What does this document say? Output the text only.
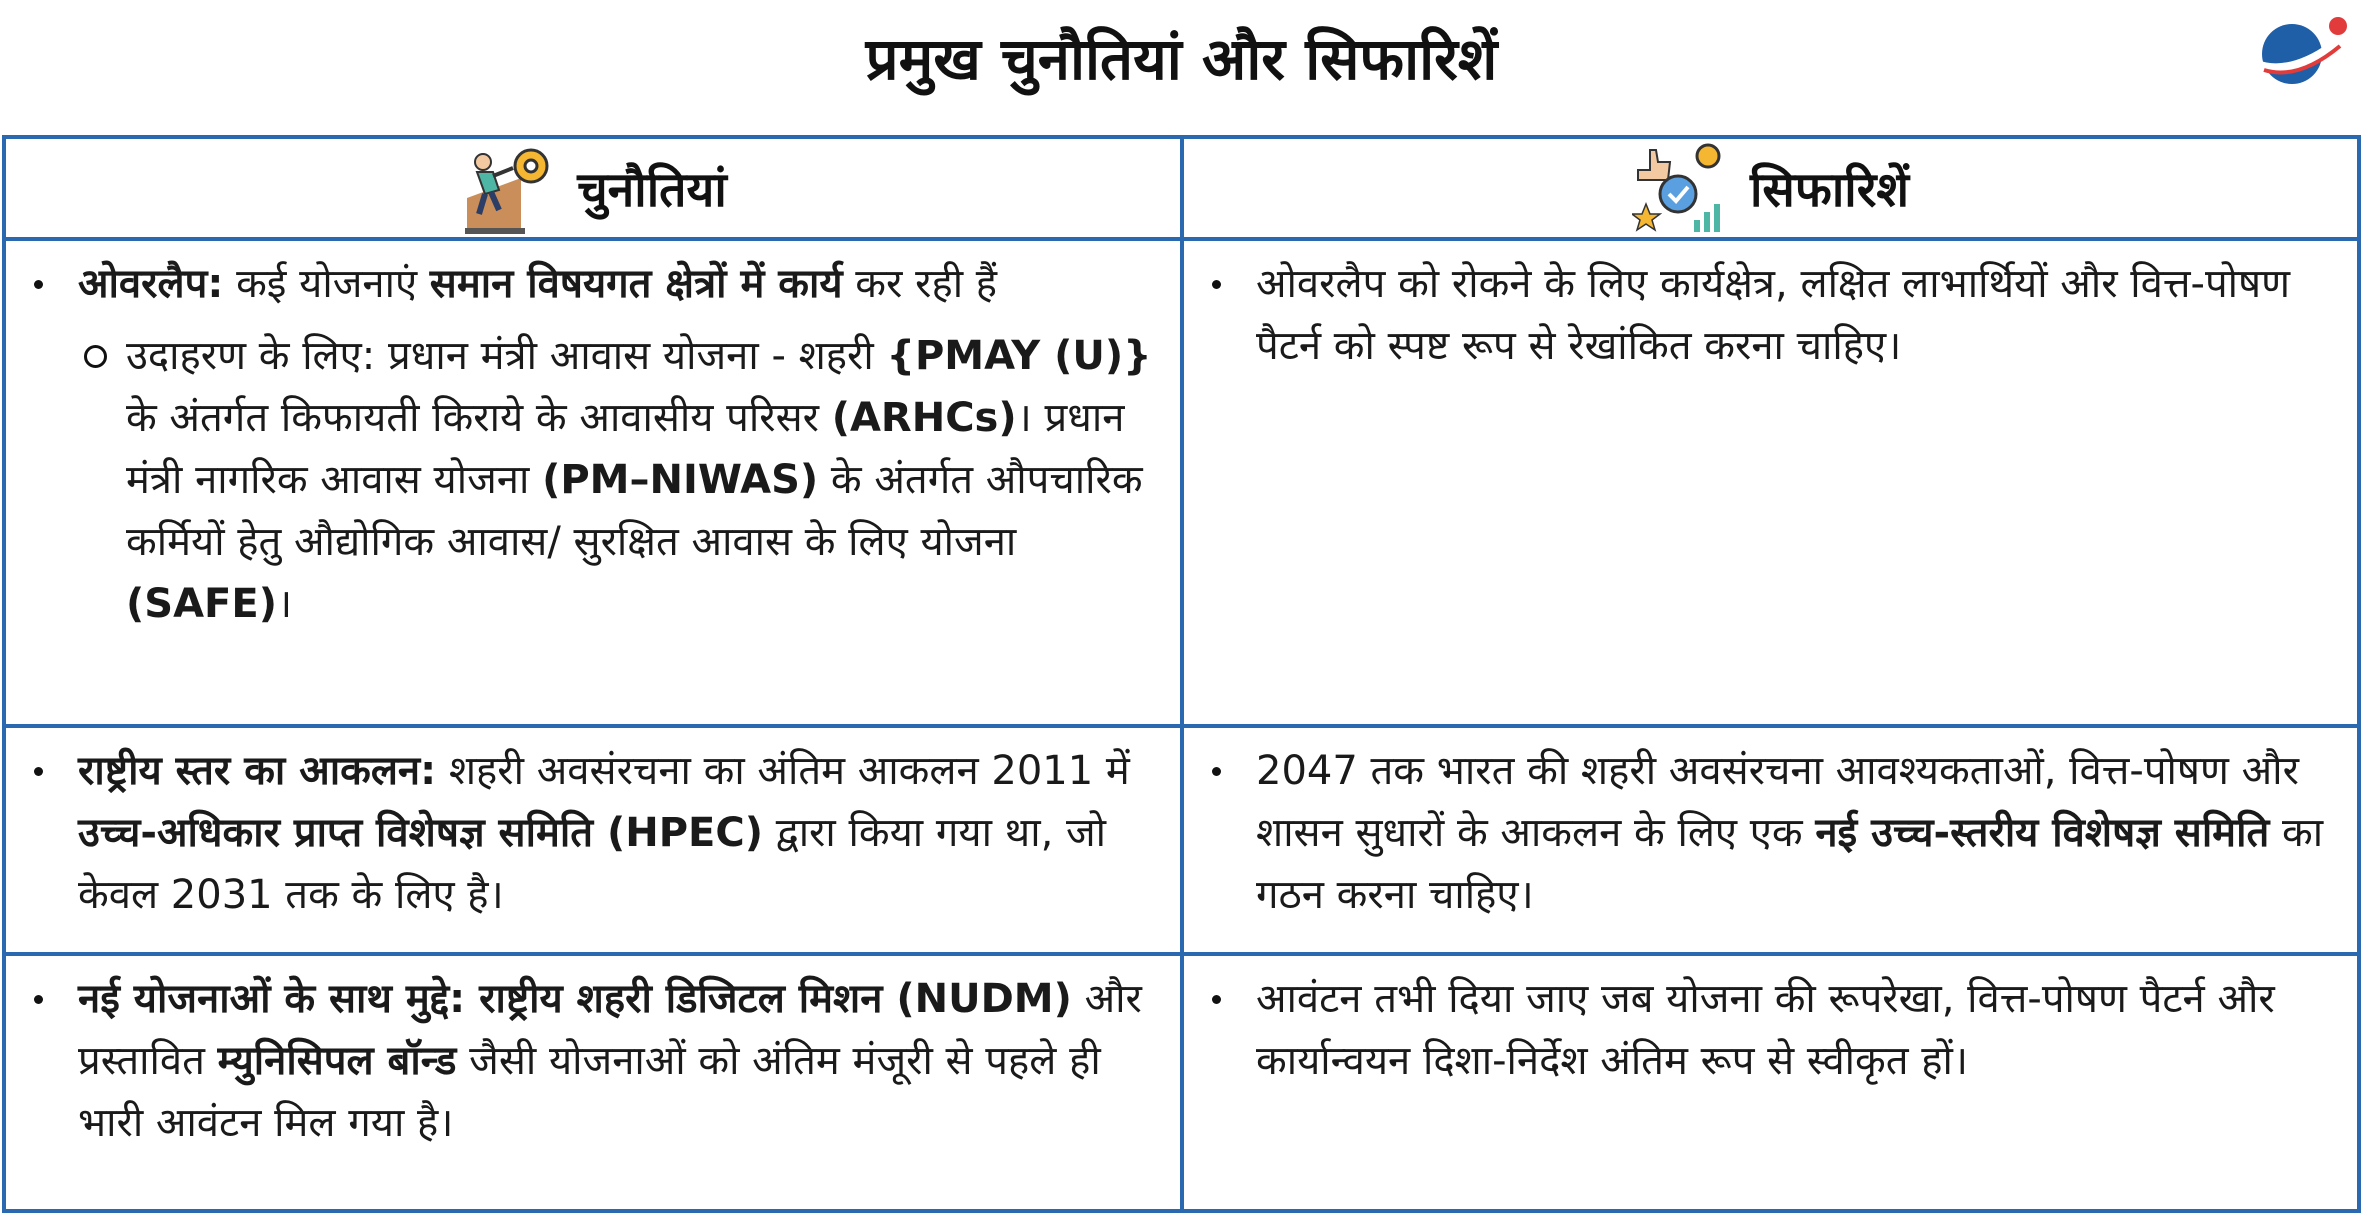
प्रमुख चुनौतियां और सिफारिशें
चुनौतियां	सिफारिशें

ओवरलैप: कई योजनाएं समान विषयगत क्षेत्रों में कार्य कर रही हैं
उदाहरण के लिए: प्रधान मंत्री आवास योजना - शहरी {PMAY (U)} के अंतर्गत किफायती किराये के आवासीय परिसर (ARHCs)। प्रधान मंत्री नागरिक आवास योजना (PM–NIWAS) के अंतर्गत औपचारिक कर्मियों हेतु औद्योगिक आवास/ सुरक्षित आवास के लिए योजना (SAFE)।	ओवरलैप को रोकने के लिए कार्यक्षेत्र, लक्षित लाभार्थियों और वित्त-पोषण पैटर्न को स्पष्ट रूप से रेखांकित करना चाहिए।

राष्ट्रीय स्तर का आकलन: शहरी अवसंरचना का अंतिम आकलन 2011 में उच्च-अधिकार प्राप्त विशेषज्ञ समिति (HPEC) द्वारा किया गया था, जो केवल 2031 तक के लिए है।	2047 तक भारत की शहरी अवसंरचना आवश्यकताओं, वित्त-पोषण और शासन सुधारों के आकलन के लिए एक नई उच्च-स्तरीय विशेषज्ञ समिति का गठन करना चाहिए।

नई योजनाओं के साथ मुद्दे: राष्ट्रीय शहरी डिजिटल मिशन (NUDM) और प्रस्तावित म्युनिसिपल बॉन्ड जैसी योजनाओं को अंतिम मंजूरी से पहले ही भारी आवंटन मिल गया है।	आवंटन तभी दिया जाए जब योजना की रूपरेखा, वित्त-पोषण पैटर्न और कार्यान्वयन दिशा-निर्देश अंतिम रूप से स्वीकृत हों।
